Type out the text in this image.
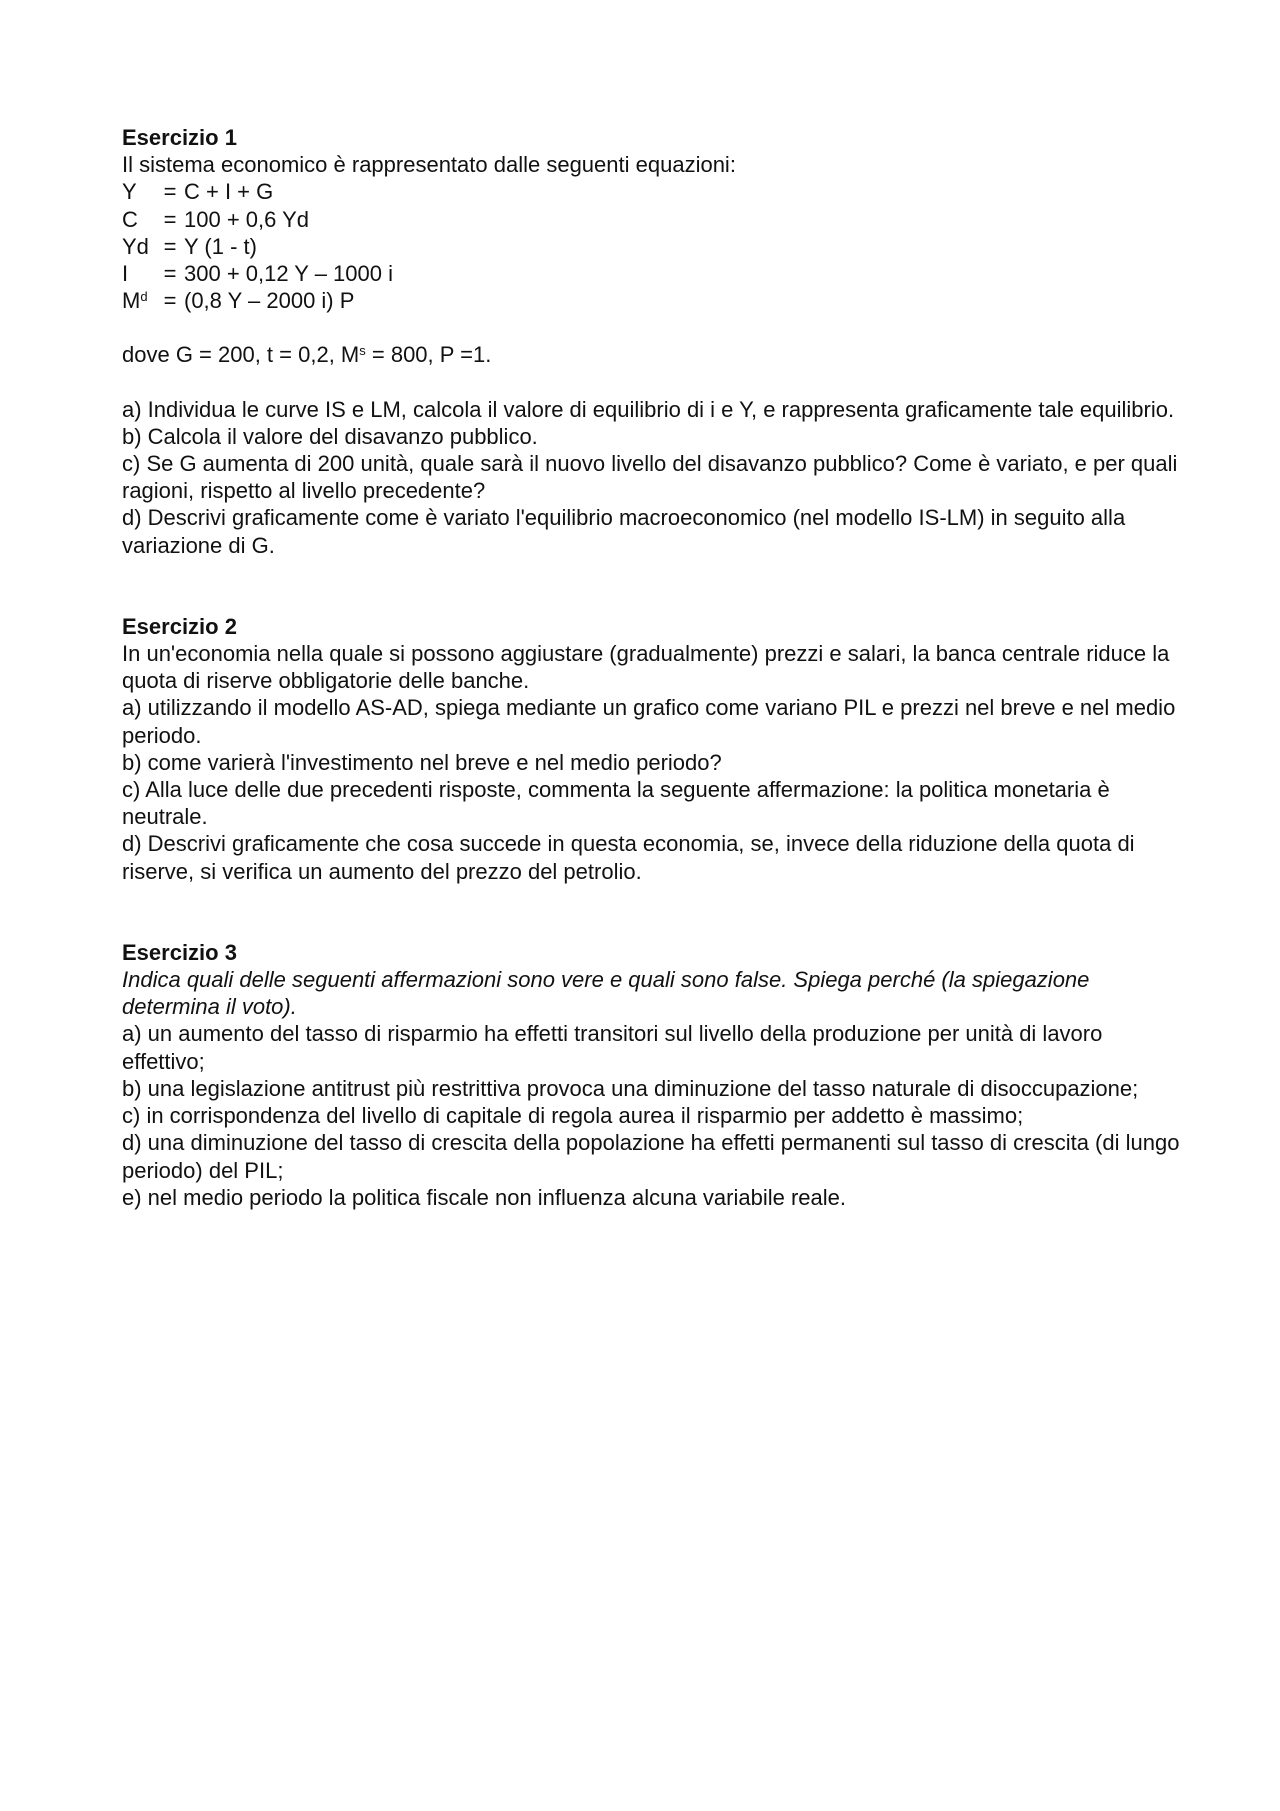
Esercizio 1
Il sistema economico è rappresentato dalle seguenti equazioni:
Y	= C + I + G
C	= 100 + 0,6 Yd
Yd = Y (1 - t)
I	= 300 + 0,12 Y – 1000 i
$M^d = (0,8$ Y – 2000 i) P
dove G = 200, t = 0,2, $M^s = 800$, P =1.
a) Individua le curve IS e LM, calcola il valore di equilibrio di i e Y, e rappresenta graficamente tale equilibrio.
b) Calcola il valore del disavanzo pubblico.
c) Se G aumenta di 200 unità, quale sarà il nuovo livello del disavanzo pubblico? Come è variato, e per quali ragioni, rispetto al livello precedente?
d) Descrivi graficamente come è variato l'equilibrio macroeconomico (nel modello IS-LM) in seguito alla variazione di G.
Esercizio 2
In un'economia nella quale si possono aggiustare (gradualmente) prezzi e salari, la banca centrale riduce la quota di riserve obbligatorie delle banche.
a) utilizzando il modello AS-AD, spiega mediante un grafico come variano PIL e prezzi nel breve e nel medio periodo.
b) come varierà l'investimento nel breve e nel medio periodo?
c) Alla luce delle due precedenti risposte, commenta la seguente affermazione: la politica monetaria è neutrale.
d) Descrivi graficamente che cosa succede in questa economia, se, invece della riduzione della quota di riserve, si verifica un aumento del prezzo del petrolio.
Esercizio 3
Indica quali delle seguenti affermazioni sono vere e quali sono false. Spiega perché (la spiegazione determina il voto).
a) un aumento del tasso di risparmio ha effetti transitori sul livello della produzione per unità di lavoro effettivo;
b) una legislazione antitrust più restrittiva provoca una diminuzione del tasso naturale di disoccupazione;
c) in corrispondenza del livello di capitale di regola aurea il risparmio per addetto è massimo;
d) una diminuzione del tasso di crescita della popolazione ha effetti permanenti sul tasso di crescita (di lungo periodo) del PIL;
e) nel medio periodo la politica fiscale non influenza alcuna variabile reale.
